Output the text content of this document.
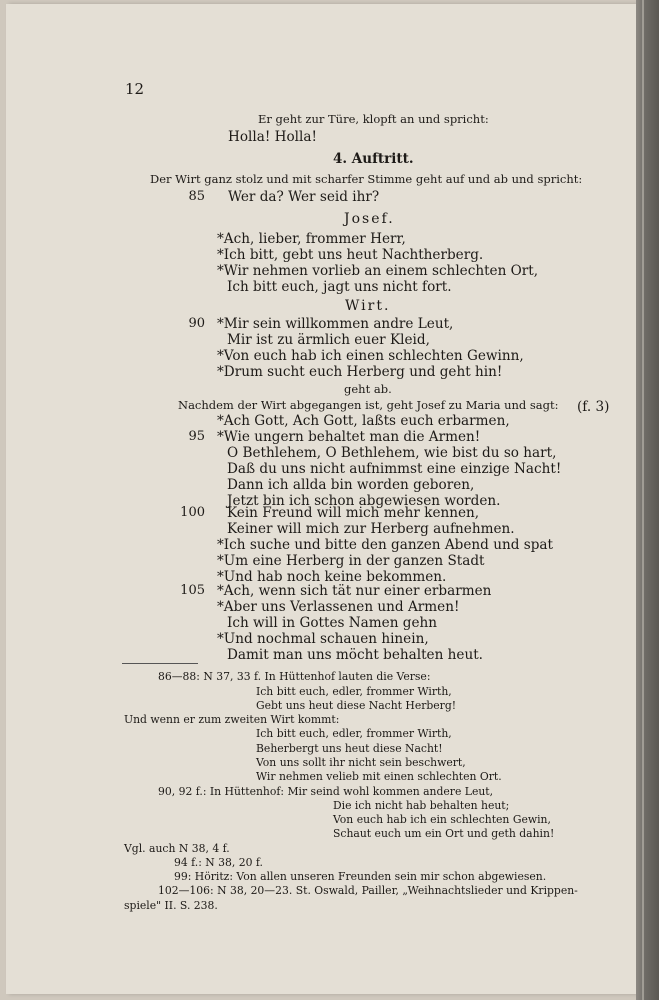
12
Er geht zur Türe, klopft an und spricht:
Holla! Holla!
4. Auftritt.
Der Wirt ganz stolz und mit scharfer Stimme geht auf und ab und spricht:
85 Wer da? Wer seid ihr?
Josef.
*Ach, lieber, frommer Herr,
*Ich bitt, gebt uns heut Nachtherberg.
*Wir nehmen vorlieb an einem schlechten Ort,
Ich bitt euch, jagt uns nicht fort.
Wirt.
90 *Mir sein willkommen andre Leut,
Mir ist zu ärmlich euer Kleid,
*Von euch hab ich einen schlechten Gewinn,
*Drum sucht euch Herberg und geht hin!
geht ab.
Nachdem der Wirt abgegangen ist, geht Josef zu Maria und sagt: (f. 3)
*Ach Gott, Ach Gott, laßts euch erbarmen,
95 *Wie ungern behaltet man die Armen!
O Bethlehem, O Bethlehem, wie bist du so hart,
Daß du uns nicht aufnimmst eine einzige Nacht!
Dann ich allda bin worden geboren,
Jetzt bin ich schon abgewiesen worden.
100 Kein Freund will mich mehr kennen,
Keiner will mich zur Herberg aufnehmen.
*Ich suche und bitte den ganzen Abend und spat
*Um eine Herberg in der ganzen Stadt
*Und hab noch keine bekommen.
105 *Ach, wenn sich tät nur einer erbarmen
*Aber uns Verlassenen und Armen!
Ich will in Gottes Namen gehn
*Und nochmal schauen hinein,
Damit man uns möcht behalten heut.
86—88: N 37, 33 f. In Hüttenhof lauten die Verse:
Ich bitt euch, edler, frommer Wirth,
Gebt uns heut diese Nacht Herberg!
Und wenn er zum zweiten Wirt kommt:
Ich bitt euch, edler, frommer Wirth,
Beherbergt uns heut diese Nacht!
Von uns sollt ihr nicht sein beschwert,
Wir nehmen velieb mit einen schlechten Ort.
90, 92 f.: In Hüttenhof: Mir seind wohl kommen andere Leut,
Die ich nicht hab behalten heut;
Von euch hab ich ein schlechten Gewin,
Schaut euch um ein Ort und geth dahin!
Vgl. auch N 38, 4 f.
94 f.: N 38, 20 f.
99: Höritz: Von allen unseren Freunden sein mir schon abgewiesen.
102—106: N 38, 20—23. St. Oswald, Pailler, „Weihnachtslieder und Krippen-
spiele" II. S. 238.
